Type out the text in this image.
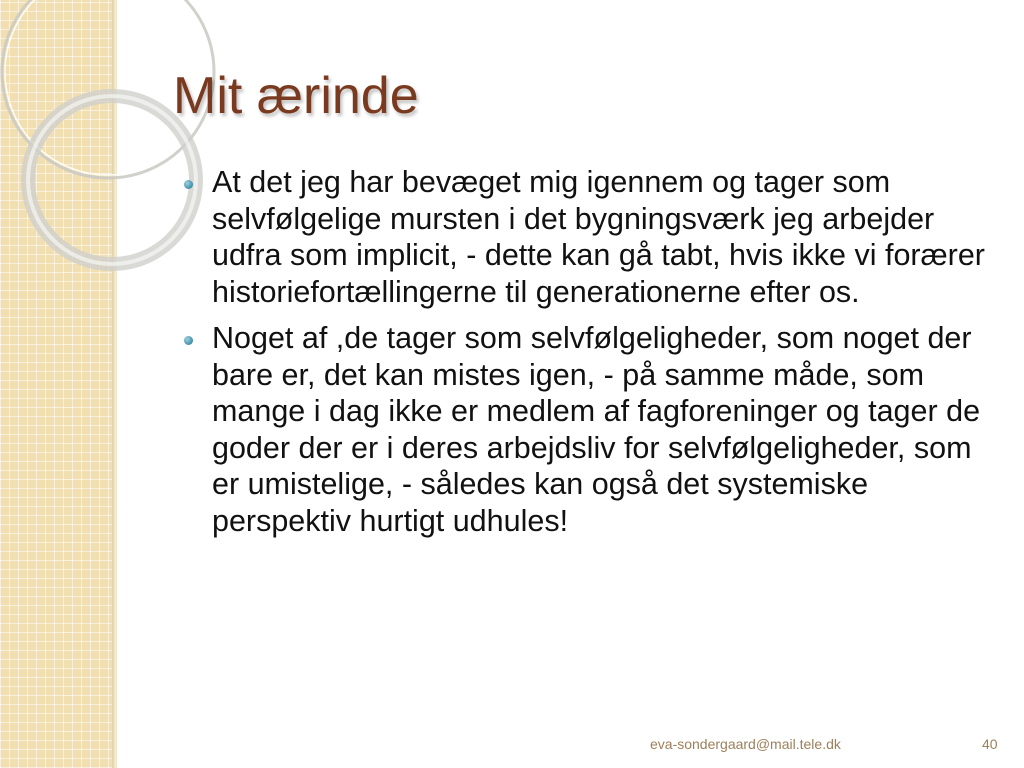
Mit ærinde
At det jeg har bevæget mig igennem og tager som selvfølgelige mursten i det bygningsværk jeg arbejder udfra som implicit, - dette kan gå tabt, hvis ikke vi forærer historiefortællingerne til generationerne efter os.
Noget af ,de tager som selvfølgeligheder, som noget der bare er, det kan mistes igen, - på samme måde, som mange i dag ikke er medlem af fagforeninger og tager de goder der er i deres arbejdsliv for selvfølgeligheder, som er umistelige, - således kan også det systemiske perspektiv hurtigt udhules!
eva-sondergaard@mail.tele.dk	40
